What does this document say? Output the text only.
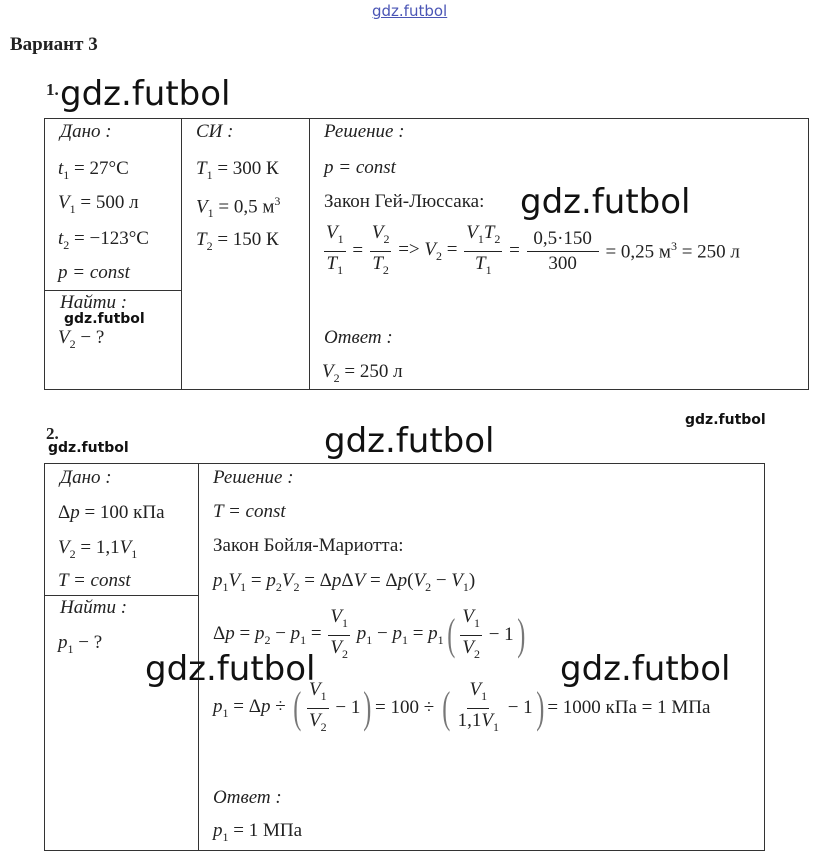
gdz.futbol
Вариант 3
1. gdz.futbol
Дано :
$t_1 = 27^\circ C$
$V_1 = 500$ л
$t_2 = -123^\circ C$
p = const
Найти :
gdz.futbol
$V_2$ − ?
СИ :
$T_1 = 300$ К
$V_1 = 0,5$ $м^3$
$T_2 = 150$ К
Решение :
p = const
Закон Гей-Люссака: gdz.futbol
$\frac{V_1}{T_1} = \frac{V_2}{T_2} => V_2 = \frac{V_1T_2}{T_1} = \frac{0,5\cdot 150}{300} = 0,25$ $м^3 = 250$ л
Ответ :
$V_2 = 250$ л
2.
gdz.futbol	gdz.futbol
gdz.futbol
Дано :
Δp = 100 кПа
$V_2 = 1,1V_1$
T = const
Найти :
$p_1$ − ?
Решение :
T = const
Закон Бойля-Мариотта:
$p_1V_1 = p_2V_2 = \Delta p\Delta V = \Delta p(V_2 - V_1)$
$\Delta p = p_2 - p_1 = \frac{V_1}{V_2} p_1 - p_1 = p_1$ ( $\frac{V_1}{V_2} - 1$ )
gdz.futbol	gdz.futbol
$p_1 = \Delta p$ ÷ ( $\frac{V_1}{V_2} - 1$ ) = 100 ÷ ( $\frac{V_1}{1,1V_1} - 1$ ) = 1000 кПа = 1 МПа
Ответ :
$p_1 = 1$ МПа
